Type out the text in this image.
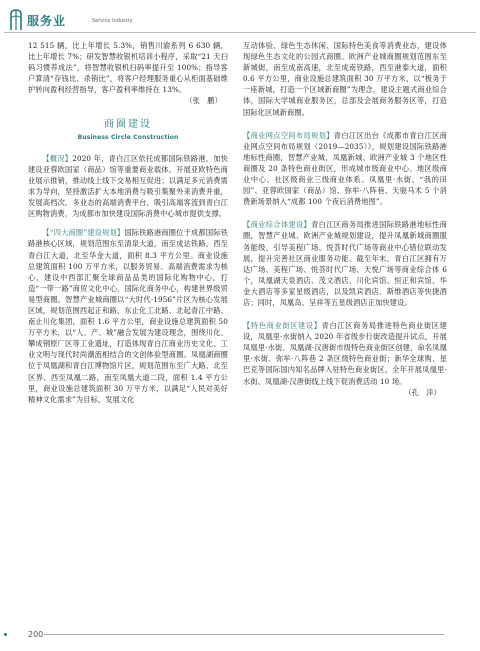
服务业	Service Industry

12 515 辆，比上年增长 5.3%，销售川渝系列 6 630 辆，比上年增长 7%；研发智慧收银机培训小程序，采取“21 天扫码习惯养成法”，将智慧收银机扫码率提升至 100%；指导客户算清“存钱比、杀销比”，将客户经理服务重心从柜面基础维护转向盈利经营指导，客户盈利率维持在 13%。

（张　鹏）

商圈建设
Business Circle Construction

【概况】2020 年，青白江区依托成都国际铁路港，加快建设亚蓉欧国家（商品）馆等重要商业载体，开展亚欧特色商业展示推销，推动线上线下交易相互促进；以满足多元消费需求为导向，坚持激活扩大本地消费与吸引集聚外来消费并重，发展高档次、多业态的高端消费平台，吸引高端客流到青白江区购物消费，为成都市加快建设国际消费中心城市提供支撑。

【“四大商圈”建设规划】国际铁路港商圈位于成都国际铁路港核心区域，规划范围东至清泉大道，南至成达铁路，西至青白江大道，北至华金大道，面积 8.3 平方公里。商业设施总建筑面积 100 万平方米，以服务贸易、高端消费需求为核心，建设中西部汇聚全球商品品类的国际化购物中心，打造“一带一路”商贸文化中心、国际化商务中心，构建世界级贸易型商圈。智慧产业城商圈以“大时代·1956”片区为核心发展区域，规划范围西起正和路、东止化工北路、北起青江中路、南止川化集团，面积 1.6 平方公里，商业设施总建筑面积 50 万平方米，以“人、产、城”融合发展为建设理念，围绕川化、攀成钢原厂区等工业遗址，打造体现青白江商业历史文化、工业文明与现代时尚潮流相结合的文创体验型商圈。凤凰湖商圈位于凤凰湖和青白江博物馆片区，规划范围东至广大路、北至区界、西至凤凰二路，南至凤凰大道二段，面积 1.4 平方公里，商业设施总建筑面积 30 万平方米，以满足“人民对美好精神文化需求”为目标，发展文化

互动体验、绿色生态休闲、国际特色美食等消费业态，建设体现绿色生态文化的公园式商圈。欧洲产业城商圈规划范围东至新城街，南至成南高速，北至成南铁路，西至港泰大道，面积 0.6 平方公里，商业设施总建筑面积 30 万平方米，以“极务于一座新城，打造一个区域新商圈”为理念，建设主题式商业综合体，国际大学城商业服务区，总部及会展商务服务区等，打造国际化区域新商圈。

【商业网点空间布局规划】青白江区出台《成都市青白江区商业网点空间布局规划（2019—2035）》，规划建设国际铁路港地标性商圈，智慧产业城、凤凰新城、欧洲产业城 3 个地区性商圈及 20 条特色商业街区，形成城市级商业中心、地区级商业中心、社区级商业三级商业体系。凤凰里·水街、“我的田园”、亚蓉欧国家（商品）馆、弥牟·八阵巷、天骏马术 5 个消费新场景纳入“成都 100 个夜后消费地图”。

【商业综合体建设】青白江区商务局推进国际铁路港地标性商圈，智慧产业城、欧洲产业城规划建设，提升凤凰新城商圈服务能级，引导美程广场、悦荟时代广场等商业中心错位联动发展，提升完善社区商业服务功能。截至年末，青白江区拥有万达广场、美程广场、悦荟时代广场、天悦广场等商业综合体 6 个，凤凰湖天泉酒店、茂文酒店、川化宾馆、恒正和宾馆、华金大酒店等多家星级酒店，以及凯宾酒店、斯维酒店等快捷酒店；同时，凤凰岛、呈祥等五星级酒店正加快建设。

【特色商业街区建设】青白江区商务局推进特色商业街区建设，凤凰里·水街纳入 2020 年省级步行街改造提升试点，开展凤凰里·水街、凤凰湖·汉唐街市级特色商业街区创建，命名凤凰里·水街、弥牟·八阵巷 2 条区级特色商业街；新华全球购、星巴克等国际国内知名品牌入驻特色商业街区，全年开展凤凰里·水街、凤凰湖·汉唐街线上线下促消费活动 10 场。

（孔　洋）

200
